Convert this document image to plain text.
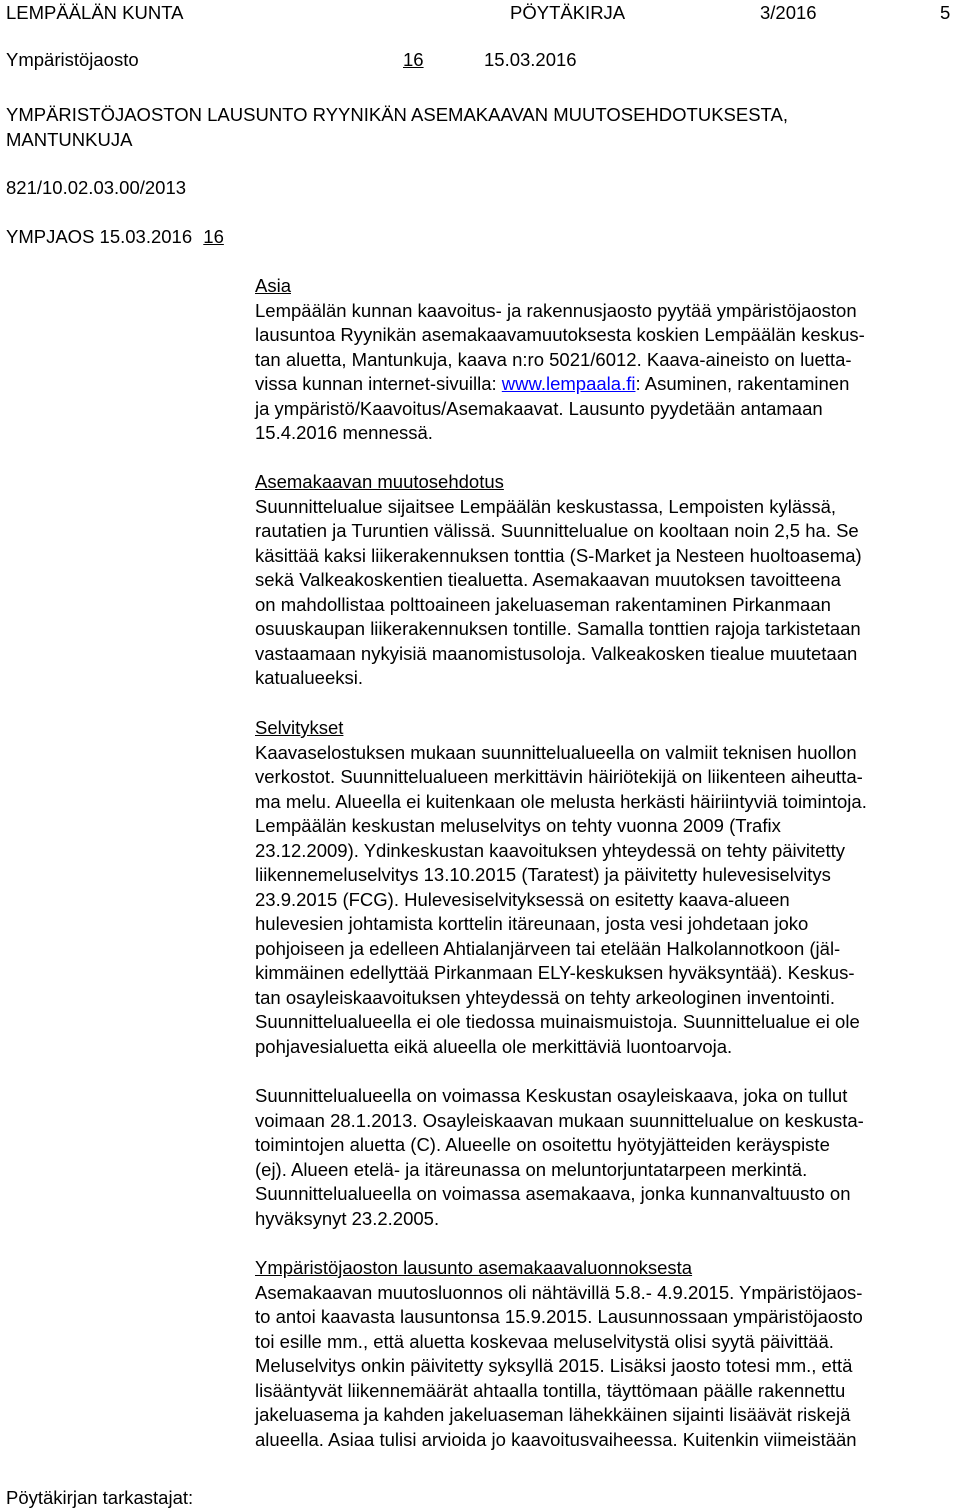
LEMPÄÄLÄN KUNTA	PÖYTÄKIRJA	3/2016	5
Ympäristöjaosto	16	15.03.2016
YMPÄRISTÖJAOSTON LAUSUNTO RYYNIKÄN ASEMAKAAVAN MUUTOSEHDOTUKSESTA,
MANTUNKUJA
821/10.02.03.00/2013
YMPJAOS 15.03.2016 16
Asia
Lempäälän kunnan kaavoitus- ja rakennusjaosto pyytää ympäristöjaoston
lausuntoa Ryynikän asemakaavamuutoksesta koskien Lempäälän keskus-
tan aluetta, Mantunkuja, kaava n:ro 5021/6012. Kaava-aineisto on luetta-
vissa kunnan internet-sivuilla: www.lempaala.fi: Asuminen, rakentaminen
ja ympäristö/Kaavoitus/Asemakaavat. Lausunto pyydetään antamaan
15.4.2016 mennessä.
Asemakaavan muutosehdotus
Suunnittelualue sijaitsee Lempäälän keskustassa, Lempoisten kylässä,
rautatien ja Turuntien välissä. Suunnittelualue on kooltaan noin 2,5 ha. Se
käsittää kaksi liikerakennuksen tonttia (S-Market ja Nesteen huoltoasema)
sekä Valkeakoskentien tiealuetta. Asemakaavan muutoksen tavoitteena
on mahdollistaa polttoaineen jakeluaseman rakentaminen Pirkanmaan
osuuskaupan liikerakennuksen tontille. Samalla tonttien rajoja tarkistetaan
vastaamaan nykyisiä maanomistusoloja. Valkeakosken tiealue muutetaan
katualueeksi.
Selvitykset
Kaavaselostuksen mukaan suunnittelualueella on valmiit teknisen huollon
verkostot. Suunnittelualueen merkittävin häiriötekijä on liikenteen aiheutta-
ma melu. Alueella ei kuitenkaan ole melusta herkästi häiriintyviä toimintoja.
Lempäälän keskustan meluselvitys on tehty vuonna 2009 (Trafix
23.12.2009). Ydinkeskustan kaavoituksen yhteydessä on tehty päivitetty
liikennemeluselvitys 13.10.2015 (Taratest) ja päivitetty hulevesiselvitys
23.9.2015 (FCG). Hulevesiselvityksessä on esitetty kaava-alueen
hulevesien johtamista korttelin itäreunaan, josta vesi johdetaan joko
pohjoiseen ja edelleen Ahtialanjärveen tai etelään Halkolannotkoon (jäl-
kimmäinen edellyttää Pirkanmaan ELY-keskuksen hyväksyntää). Keskus-
tan osayleiskaavoituksen yhteydessä on tehty arkeologinen inventointi.
Suunnittelualueella ei ole tiedossa muinaismuistoja. Suunnittelualue ei ole
pohjavesialuetta eikä alueella ole merkittäviä luontoarvoja.
Suunnittelualueella on voimassa Keskustan osayleiskaava, joka on tullut
voimaan 28.1.2013. Osayleiskaavan mukaan suunnittelualue on keskusta-
toimintojen aluetta (C). Alueelle on osoitettu hyötyjätteiden keräyspiste
(ej). Alueen etelä- ja itäreunassa on meluntorjuntatarpeen merkintä.
Suunnittelualueella on voimassa asemakaava, jonka kunnanvaltuusto on
hyväksynyt 23.2.2005.
Ympäristöjaoston lausunto asemakaavaluonnoksesta
Asemakaavan muutosluonnos oli nähtävillä 5.8.- 4.9.2015. Ympäristöjaos-
to antoi kaavasta lausuntonsa 15.9.2015. Lausunnossaan ympäristöjaosto
toi esille mm., että aluetta koskevaa meluselvitystä olisi syytä päivittää.
Meluselvitys onkin päivitetty syksyllä 2015. Lisäksi jaosto totesi mm., että
lisääntyvät liikennemäärät ahtaalla tontilla, täyttömaan päälle rakennettu
jakeluasema ja kahden jakeluaseman lähekkäinen sijainti lisäävät riskejä
alueella. Asiaa tulisi arvioida jo kaavoitusvaiheessa. Kuitenkin viimeistään
Pöytäkirjan tarkastajat:
